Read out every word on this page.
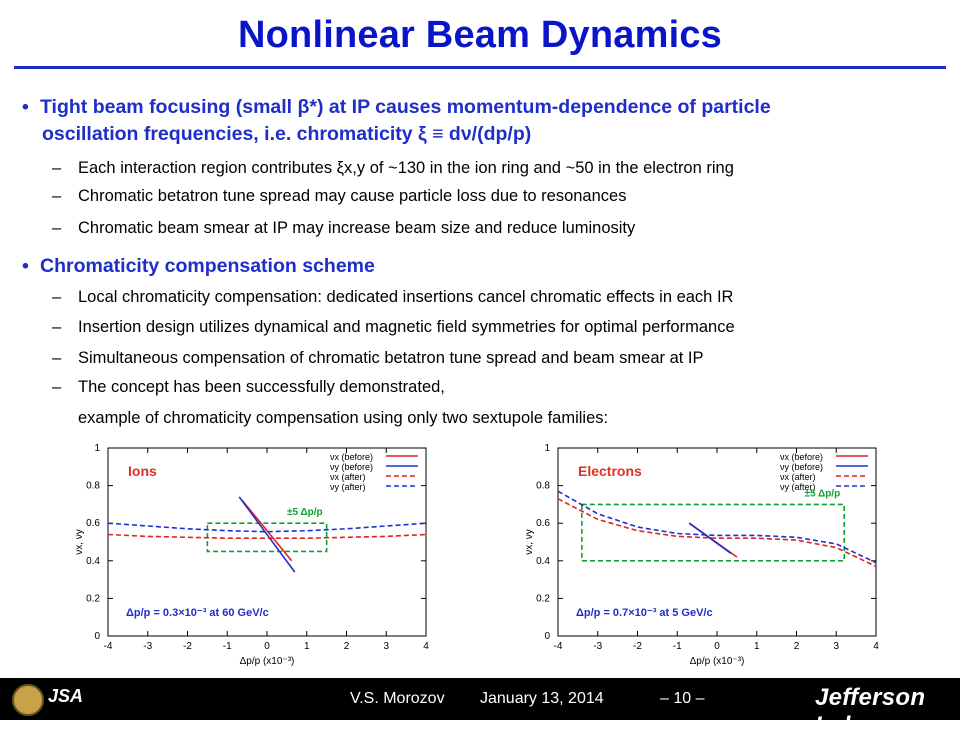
Nonlinear Beam Dynamics
• Tight beam focusing (small β*) at IP causes momentum-dependence of particle
oscillation frequencies, i.e. chromaticity ξ ≡ dν/(dp/p)
– Each interaction region contributes ξx,y of ~130 in the ion ring and ~50 in the electron ring
– Chromatic betatron tune spread may cause particle loss due to resonances
– Chromatic beam smear at IP may increase beam size and reduce luminosity
• Chromaticity compensation scheme
– Local chromaticity compensation: dedicated insertions cancel chromatic effects in each IR
– Insertion design utilizes dynamical and magnetic field symmetries for optimal performance
– Simultaneous compensation of chromatic betatron tune spread and beam smear at IP
– The concept has been successfully demonstrated,
example of chromaticity compensation using only two sextupole families:
-4	-3	-2	-1	0	1	2	3	4
0
0.2
0.4
0.6
0.8
1
Δp/p (x10⁻³)
νx, νy
Ions
νx (before)
νy (before)
νx (after)
νy (after)
±5 Δp/p
Δp/p = 0.3×10⁻³ at 60 GeV/c
-4	-3	-2	-1	0	1	2	3	4
0
0.2
0.4
0.6
0.8
1
Δp/p (x10⁻³)
νx, νy
Electrons
νx (before)
νy (before)
νx (after)
νy (after)
±5 Δp/p
Δp/p = 0.7×10⁻³ at 5 GeV/c
JSA	V.S. Morozov January 13, 2014	– 10 –	Jefferson Lab
